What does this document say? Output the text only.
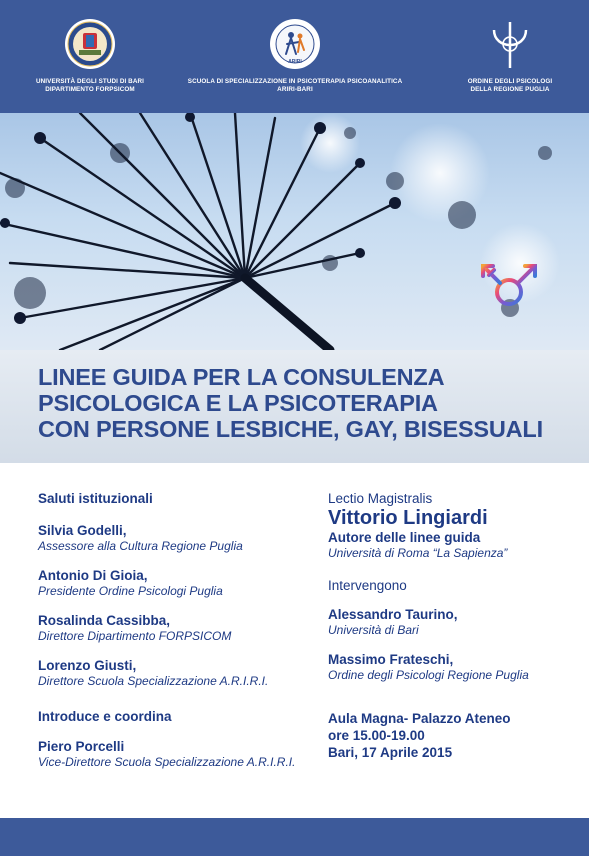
UNIVERSITÀ DEGLI STUDI DI BARI
DIPARTIMENTO FORPSICOM
ARIRI
SCUOLA DI SPECIALIZZAZIONE IN PSICOTERAPIA PSICOANALITICA
ARIRI-BARI
ORDINE DEGLI PSICOLOGI
DELLA REGIONE PUGLIA
LINEE GUIDA PER LA CONSULENZA
PSICOLOGICA E LA PSICOTERAPIA
CON PERSONE LESBICHE, GAY, BISESSUALI
Saluti istituzionali
Silvia Godelli,
Assessore alla Cultura Regione Puglia
Antonio Di Gioia,
Presidente Ordine Psicologi Puglia
Rosalinda Cassibba,
Direttore Dipartimento FORPSICOM
Lorenzo Giusti,
Direttore Scuola Specializzazione A.R.I.R.I.
Introduce e coordina
Piero Porcelli
Vice-Direttore Scuola Specializzazione A.R.I.R.I.
Lectio Magistralis
Vittorio Lingiardi
Autore delle linee guida
Università di Roma “La Sapienza”
Intervengono
Alessandro Taurino,
Università di Bari
Massimo Frateschi,
Ordine degli Psicologi Regione Puglia
Aula Magna- Palazzo Ateneo
ore 15.00-19.00
Bari, 17 Aprile 2015
